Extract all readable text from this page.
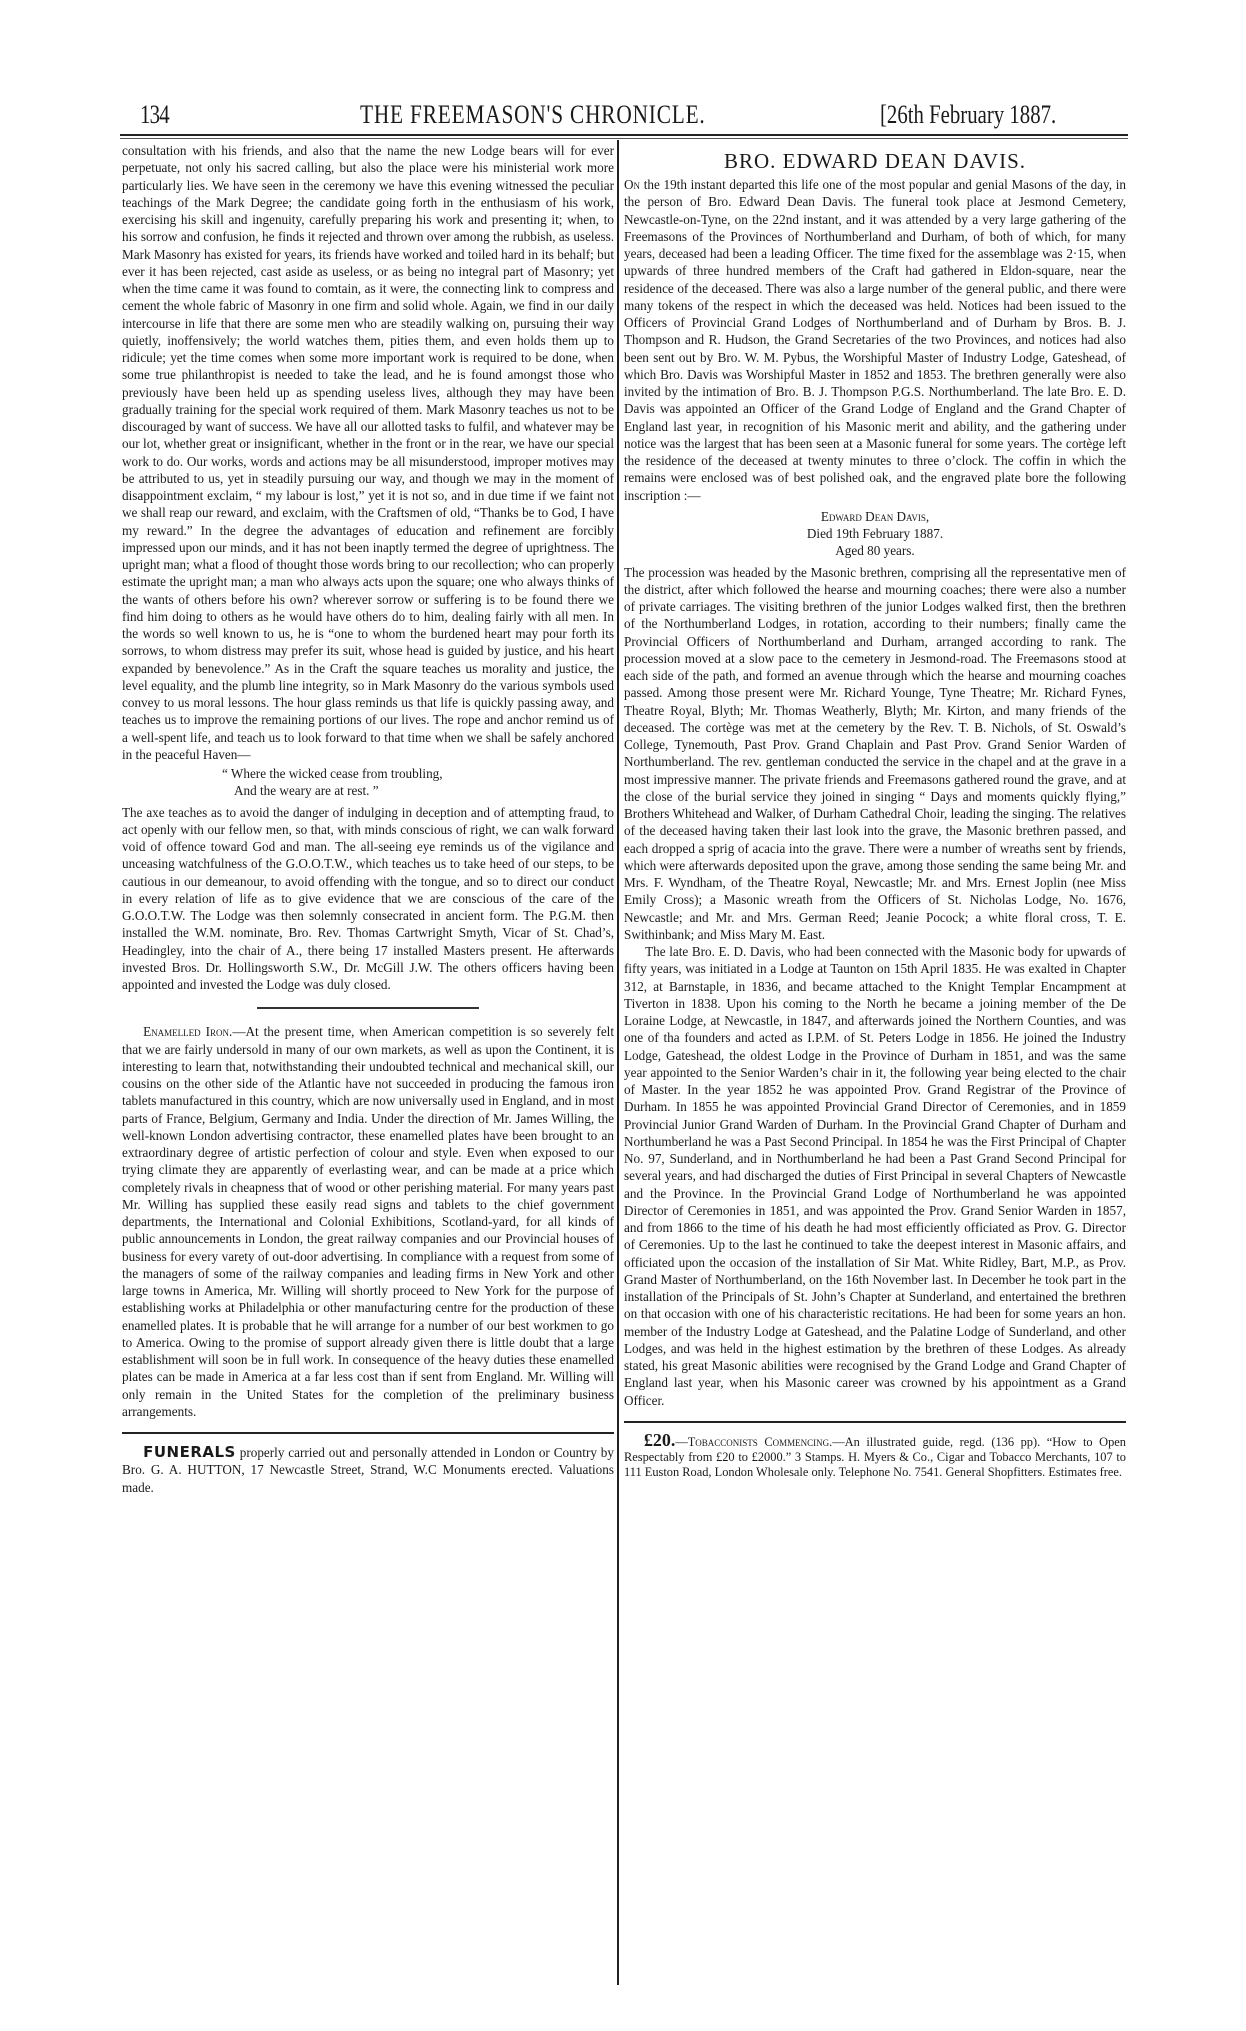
134	THE FREEMASON'S CHRONICLE.	[26th February 1887.

consultation with his friends, and also that the name the new Lodge bears will for ever perpetuate, not only his sacred calling, but also the place were his ministerial work more particularly lies. We have seen in the ceremony we have this evening witnessed the peculiar teachings of the Mark Degree; the candidate going forth in the enthusiasm of his work, exercising his skill and ingenuity, carefully preparing his work and presenting it; when, to his sorrow and confusion, he finds it rejected and thrown over among the rubbish, as useless. Mark Masonry has existed for years, its friends have worked and toiled hard in its behalf; but ever it has been rejected, cast aside as useless, or as being no integral part of Masonry; yet when the time came it was found to comtain, as it were, the connecting link to compress and cement the whole fabric of Masonry in one firm and solid whole. Again, we find in our daily intercourse in life that there are some men who are steadily walking on, pursuing their way quietly, inoffensively; the world watches them, pities them, and even holds them up to ridicule; yet the time comes when some more important work is required to be done, when some true philanthropist is needed to take the lead, and he is found amongst those who previously have been held up as spending useless lives, although they may have been gradually training for the special work required of them. Mark Masonry teaches us not to be discouraged by want of success. We have all our allotted tasks to fulfil, and whatever may be our lot, whether great or insignificant, whether in the front or in the rear, we have our special work to do. Our works, words and actions may be all misunderstood, improper motives may be attributed to us, yet in steadily pursuing our way, and though we may in the moment of disappointment exclaim, “ my labour is lost,” yet it is not so, and in due time if we faint not we shall reap our reward, and exclaim, with the Craftsmen of old, “Thanks be to God, I have my reward.” In the degree the advantages of education and refinement are forcibly impressed upon our minds, and it has not been inaptly termed the degree of uprightness. The upright man; what a flood of thought those words bring to our recollection; who can properly estimate the upright man; a man who always acts upon the square; one who always thinks of the wants of others before his own? wherever sorrow or suffering is to be found there we find him doing to others as he would have others do to him, dealing fairly with all men. In the words so well known to us, he is “one to whom the burdened heart may pour forth its sorrows, to whom distress may prefer its suit, whose head is guided by justice, and his heart expanded by benevolence.” As in the Craft the square teaches us morality and justice, the level equality, and the plumb line integrity, so in Mark Masonry do the various symbols used convey to us moral lessons. The hour glass reminds us that life is quickly passing away, and teaches us to improve the remaining portions of our lives. The rope and anchor remind us of a well-spent life, and teach us to look forward to that time when we shall be safely anchored in the peaceful Haven—

“ Where the wicked cease from troubling,
And the weary are at rest. ”

The axe teaches as to avoid the danger of indulging in deception and of attempting fraud, to act openly with our fellow men, so that, with minds conscious of right, we can walk forward void of offence toward God and man. The all-seeing eye reminds us of the vigilance and unceasing watchfulness of the G.O.O.T.W., which teaches us to take heed of our steps, to be cautious in our demeanour, to avoid offending with the tongue, and so to direct our conduct in every relation of life as to give evidence that we are conscious of the care of the G.O.O.T.W. The Lodge was then solemnly consecrated in ancient form. The P.G.M. then installed the W.M. nominate, Bro. Rev. Thomas Cartwright Smyth, Vicar of St. Chad’s, Headingley, into the chair of A., there being 17 installed Masters present. He afterwards invested Bros. Dr. Hollingsworth S.W., Dr. McGill J.W. The others officers having been appointed and invested the Lodge was duly closed.

Enamelled Iron.—At the present time, when American competition is so severely felt that we are fairly undersold in many of our own markets, as well as upon the Continent, it is interesting to learn that, notwithstanding their undoubted technical and mechanical skill, our cousins on the other side of the Atlantic have not succeeded in producing the famous iron tablets manufactured in this country, which are now universally used in England, and in most parts of France, Belgium, Germany and India. Under the direction of Mr. James Willing, the well-known London advertising contractor, these enamelled plates have been brought to an extraordinary degree of artistic perfection of colour and style. Even when exposed to our trying climate they are apparently of everlasting wear, and can be made at a price which completely rivals in cheapness that of wood or other perishing material. For many years past Mr. Willing has supplied these easily read signs and tablets to the chief government departments, the International and Colonial Exhibitions, Scotland-yard, for all kinds of public announcements in London, the great railway companies and our Provincial houses of business for every varety of out-door advertising. In compliance with a request from some of the managers of some of the railway companies and leading firms in New York and other large towns in America, Mr. Willing will shortly proceed to New York for the purpose of establishing works at Philadelphia or other manufacturing centre for the production of these enamelled plates. It is probable that he will arrange for a number of our best workmen to go to America. Owing to the promise of support already given there is little doubt that a large establishment will soon be in full work. In consequence of the heavy duties these enamelled plates can be made in America at a far less cost than if sent from England. Mr. Willing will only remain in the United States for the completion of the preliminary business arrangements.

FUNERALS properly carried out and personally attended in London or Country by Bro. G. A. HUTTON, 17 Newcastle Street, Strand, W.C Monuments erected. Valuations made.

BRO. EDWARD DEAN DAVIS.

On the 19th instant departed this life one of the most popular and genial Masons of the day, in the person of Bro. Edward Dean Davis. The funeral took place at Jesmond Cemetery, Newcastle-on-Tyne, on the 22nd instant, and it was attended by a very large gathering of the Freemasons of the Provinces of Northumberland and Durham, of both of which, for many years, deceased had been a leading Officer. The time fixed for the assemblage was 2·15, when upwards of three hundred members of the Craft had gathered in Eldon-square, near the residence of the deceased. There was also a large number of the general public, and there were many tokens of the respect in which the deceased was held. Notices had been issued to the Officers of Provincial Grand Lodges of Northumberland and of Durham by Bros. B. J. Thompson and R. Hudson, the Grand Secretaries of the two Provinces, and notices had also been sent out by Bro. W. M. Pybus, the Worshipful Master of Industry Lodge, Gateshead, of which Bro. Davis was Worshipful Master in 1852 and 1853. The brethren generally were also invited by the intimation of Bro. B. J. Thompson P.G.S. Northumberland. The late Bro. E. D. Davis was appointed an Officer of the Grand Lodge of England and the Grand Chapter of England last year, in recognition of his Masonic merit and ability, and the gathering under notice was the largest that has been seen at a Masonic funeral for some years. The cortège left the residence of the deceased at twenty minutes to three o’clock. The coffin in which the remains were enclosed was of best polished oak, and the engraved plate bore the following inscription :—

Edward Dean Davis,
Died 19th February 1887.
Aged 80 years.

The procession was headed by the Masonic brethren, comprising all the representative men of the district, after which followed the hearse and mourning coaches; there were also a number of private carriages. The visiting brethren of the junior Lodges walked first, then the brethren of the Northumberland Lodges, in rotation, according to their numbers; finally came the Provincial Officers of Northumberland and Durham, arranged according to rank. The procession moved at a slow pace to the cemetery in Jesmond-road. The Freemasons stood at each side of the path, and formed an avenue through which the hearse and mourning coaches passed. Among those present were Mr. Richard Younge, Tyne Theatre; Mr. Richard Fynes, Theatre Royal, Blyth; Mr. Thomas Weatherly, Blyth; Mr. Kirton, and many friends of the deceased. The cortège was met at the cemetery by the Rev. T. B. Nichols, of St. Oswald’s College, Tynemouth, Past Prov. Grand Chaplain and Past Prov. Grand Senior Warden of Northumberland. The rev. gentleman conducted the service in the chapel and at the grave in a most impressive manner. The private friends and Freemasons gathered round the grave, and at the close of the burial service they joined in singing “ Days and moments quickly flying,” Brothers Whitehead and Walker, of Durham Cathedral Choir, leading the singing. The relatives of the deceased having taken their last look into the grave, the Masonic brethren passed, and each dropped a sprig of acacia into the grave. There were a number of wreaths sent by friends, which were afterwards deposited upon the grave, among those sending the same being Mr. and Mrs. F. Wyndham, of the Theatre Royal, Newcastle; Mr. and Mrs. Ernest Joplin (nee Miss Emily Cross); a Masonic wreath from the Officers of St. Nicholas Lodge, No. 1676, Newcastle; and Mr. and Mrs. German Reed; Jeanie Pocock; a white floral cross, T. E. Swithinbank; and Miss Mary M. East.

The late Bro. E. D. Davis, who had been connected with the Masonic body for upwards of fifty years, was initiated in a Lodge at Taunton on 15th April 1835. He was exalted in Chapter 312, at Barnstaple, in 1836, and became attached to the Knight Templar Encampment at Tiverton in 1838. Upon his coming to the North he became a joining member of the De Loraine Lodge, at Newcastle, in 1847, and afterwards joined the Northern Counties, and was one of tha founders and acted as I.P.M. of St. Peters Lodge in 1856. He joined the Industry Lodge, Gateshead, the oldest Lodge in the Province of Durham in 1851, and was the same year appointed to the Senior Warden’s chair in it, the following year being elected to the chair of Master. In the year 1852 he was appointed Prov. Grand Registrar of the Province of Durham. In 1855 he was appointed Provincial Grand Director of Ceremonies, and in 1859 Provincial Junior Grand Warden of Durham. In the Provincial Grand Chapter of Durham and Northumberland he was a Past Second Principal. In 1854 he was the First Principal of Chapter No. 97, Sunderland, and in Northumberland he had been a Past Grand Second Principal for several years, and had discharged the duties of First Principal in several Chapters of Newcastle and the Province. In the Provincial Grand Lodge of Northumberland he was appointed Director of Ceremonies in 1851, and was appointed the Prov. Grand Senior Warden in 1857, and from 1866 to the time of his death he had most efficiently officiated as Prov. G. Director of Ceremonies. Up to the last he continued to take the deepest interest in Masonic affairs, and officiated upon the occasion of the installation of Sir Mat. White Ridley, Bart, M.P., as Prov. Grand Master of Northumberland, on the 16th November last. In December he took part in the installation of the Principals of St. John’s Chapter at Sunderland, and entertained the brethren on that occasion with one of his characteristic recitations. He had been for some years an hon. member of the Industry Lodge at Gateshead, and the Palatine Lodge of Sunderland, and other Lodges, and was held in the highest estimation by the brethren of these Lodges. As already stated, his great Masonic abilities were recognised by the Grand Lodge and Grand Chapter of England last year, when his Masonic career was crowned by his appointment as a Grand Officer.

£20.—Tobacconists Commencing.—An illustrated guide, regd. (136 pp). “How to Open Respectably from £20 to £2000.” 3 Stamps. H. Myers & Co., Cigar and Tobacco Merchants, 107 to 111 Euston Road, London Wholesale only. Telephone No. 7541. General Shopfitters. Estimates free.
